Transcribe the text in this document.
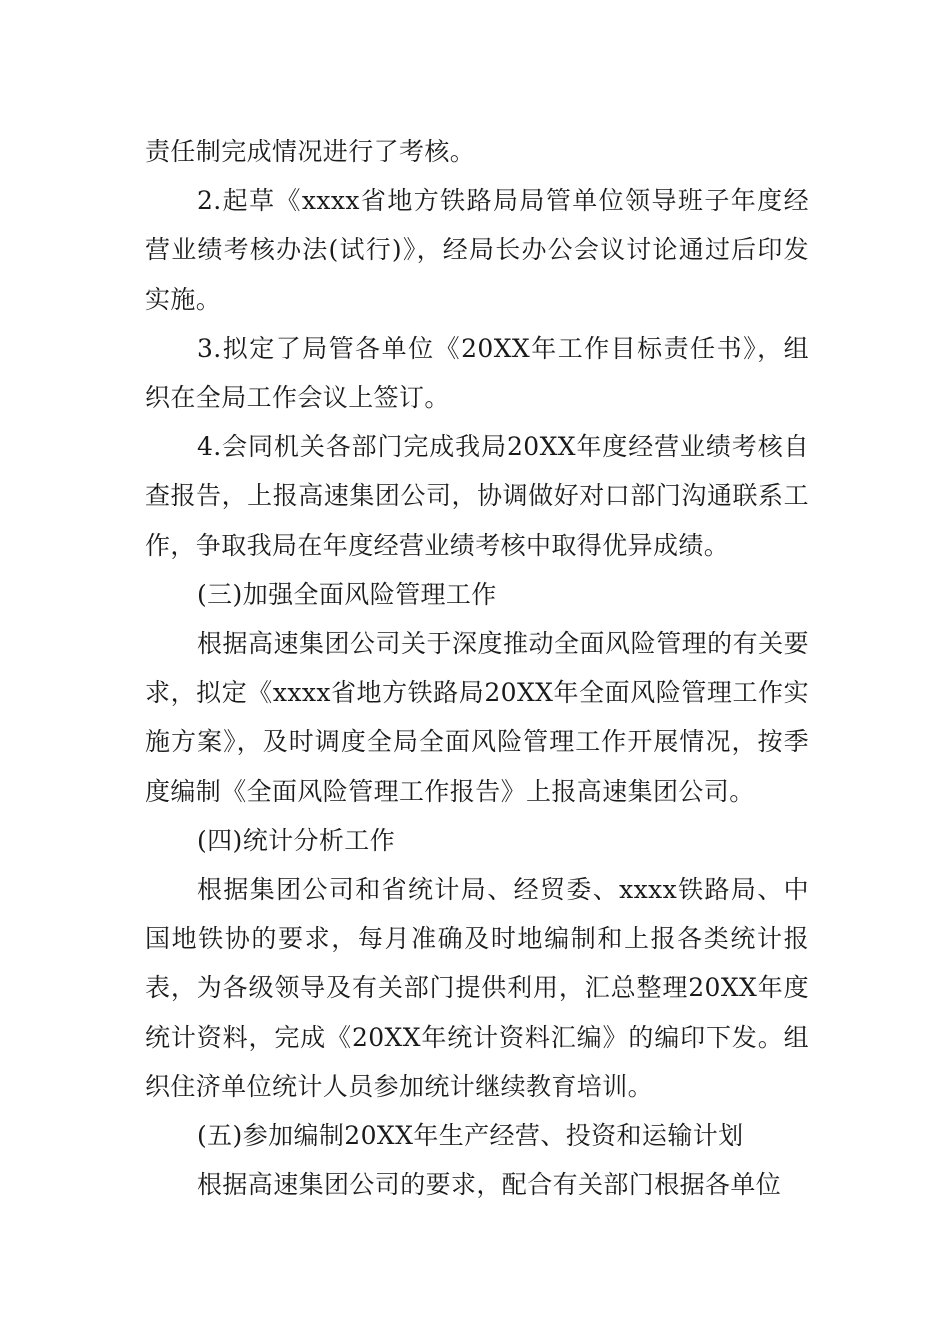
责任制完成情况进行了考核。

2.起草《xxxx省地方铁路局局管单位领导班子年度经营业绩考核办法(试行)》，经局长办公会议讨论通过后印发实施。

3.拟定了局管各单位《20XX年工作目标责任书》，组织在全局工作会议上签订。

4.会同机关各部门完成我局20XX年度经营业绩考核自查报告，上报高速集团公司，协调做好对口部门沟通联系工作，争取我局在年度经营业绩考核中取得优异成绩。

(三)加强全面风险管理工作

根据高速集团公司关于深度推动全面风险管理的有关要求，拟定《xxxx省地方铁路局20XX年全面风险管理工作实施方案》，及时调度全局全面风险管理工作开展情况，按季度编制《全面风险管理工作报告》上报高速集团公司。

(四)统计分析工作

根据集团公司和省统计局、经贸委、xxxx铁路局、中国地铁协的要求，每月准确及时地编制和上报各类统计报表，为各级领导及有关部门提供利用，汇总整理20XX年度统计资料，完成《20XX年统计资料汇编》的编印下发。组织住济单位统计人员参加统计继续教育培训。

(五)参加编制20XX年生产经营、投资和运输计划

根据高速集团公司的要求，配合有关部门根据各单位
